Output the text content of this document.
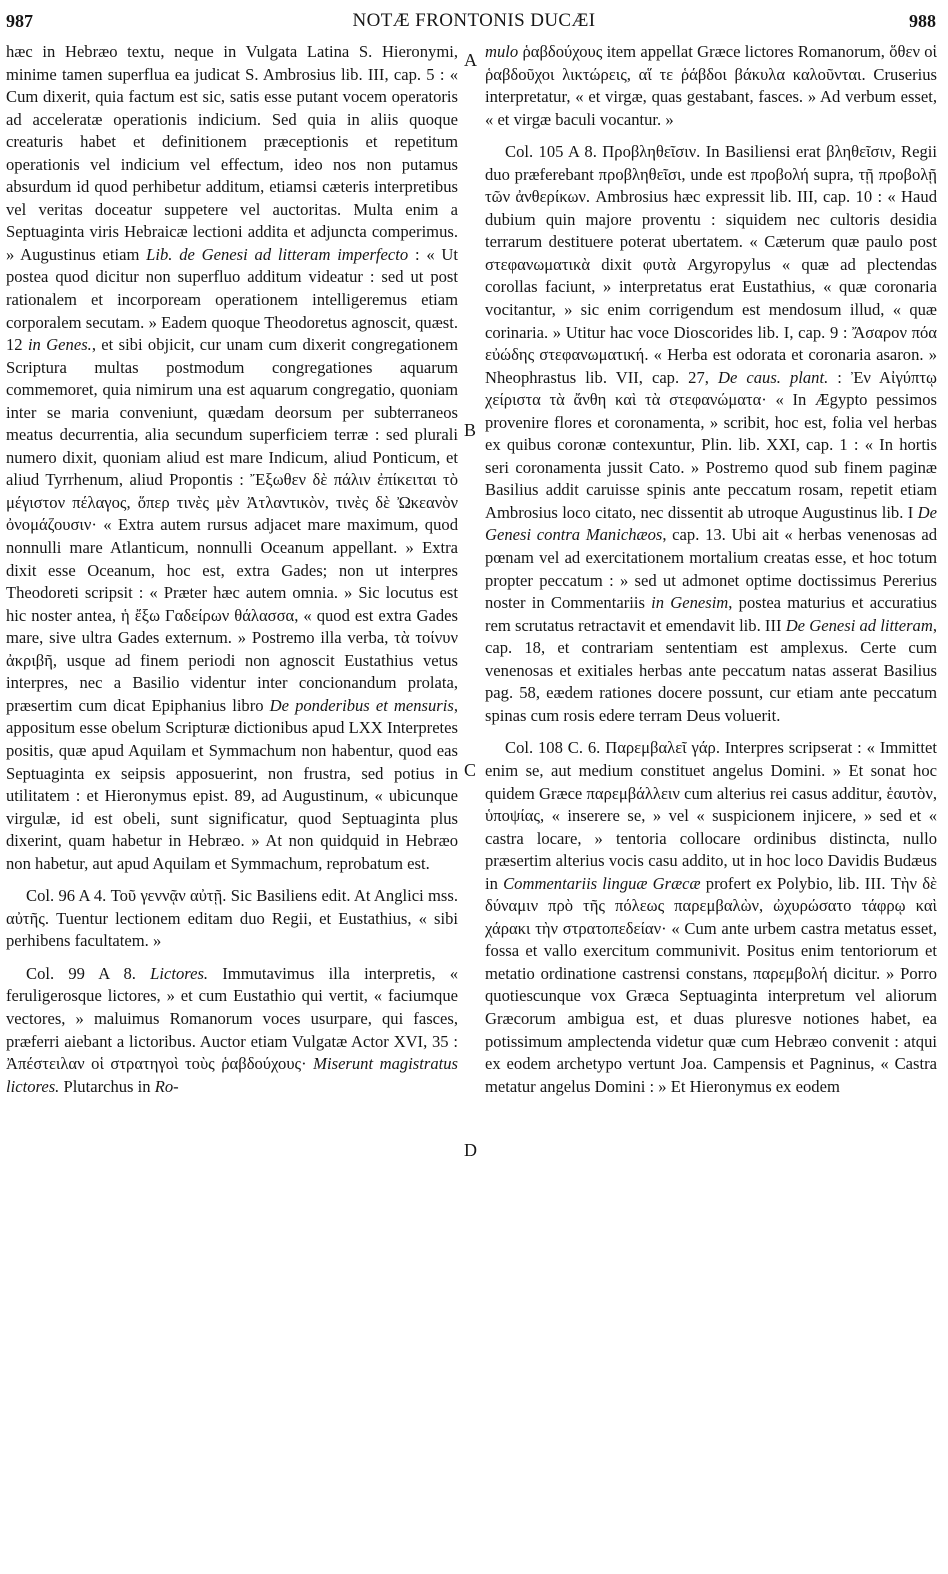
987	NOTÆ FRONTONIS DUCÆI	988

hæc in Hebræo textu, neque in Vulgata Latina S. Hieronymi, minime tamen superflua ea judicat S. Ambrosius lib. III, cap. 5 : « Cum dixerit, quia factum est sic, satis esse putant vocem operatoris ad acceleratæ operationis indicium. Sed quia in aliis quoque creaturis habet et definitionem præceptionis et repetitum operationis vel indicium vel effectum, ideo nos non putamus absurdum id quod perhibetur additum, etiamsi cæteris interpretibus vel veritas doceatur suppetere vel auctoritas. Multa enim a Septuaginta viris Hebraicæ lectioni addita et adjuncta comperimus. » Augustinus etiam Lib. de Genesi ad litteram imperfecto : « Ut postea quod dicitur non superfluo additum videatur : sed ut post rationalem et incorpoream operationem intelligeremus etiam corporalem secutam. » Eadem quoque Theodoretus agnoscit, quæst. 12 in Genes., et sibi objicit, cur unam cum dixerit congregationem Scriptura multas postmodum congregationes aquarum commemoret, quia nimirum una est aquarum congregatio, quoniam inter se maria conveniunt, quædam deorsum per subterraneos meatus decurrentia, alia secundum superficiem terræ : sed plurali numero dixit, quoniam aliud est mare Indicum, aliud Ponticum, et aliud Tyrrhenum, aliud Propontis : Ἔξωθεν δὲ πάλιν ἐπίκειται τὸ μέγιστον πέλαγος, ὅπερ τινὲς μὲν Ἀτλαντικὸν, τινὲς δὲ Ὠκεανὸν ὀνομάζουσιν· « Extra autem rursus adjacet mare maximum, quod nonnulli mare Atlanticum, nonnulli Oceanum appellant. » Extra dixit esse Oceanum, hoc est, extra Gades; non ut interpres Theodoreti scripsit : « Præter hæc autem omnia. » Sic locutus est hic noster antea, ἡ ἔξω Γαδείρων θάλασσα, « quod est extra Gades mare, sive ultra Gades externum. » Postremo illa verba, τὰ τοίνυν ἀκριβῆ, usque ad finem periodi non agnoscit Eustathius vetus interpres, nec a Basilio videntur inter concionandum prolata, præsertim cum dicat Epiphanius libro De ponderibus et mensuris, appositum esse obelum Scripturæ dictionibus apud LXX Interpretes positis, quæ apud Aquilam et Symmachum non habentur, quod eas Septuaginta ex seipsis apposuerint, non frustra, sed potius in utilitatem : et Hieronymus epist. 89, ad Augustinum, « ubicunque virgulæ, id est obeli, sunt significatur, quod Septuaginta plus dixerint, quam habetur in Hebræo. » At non quidquid in Hebræo non habetur, aut apud Aquilam et Symmachum, reprobatum est.

Col. 96 A 4. Τοῦ γεννᾷν αὐτῇ. Sic Basiliens edit. At Anglici mss. αὐτῆς. Tuentur lectionem editam duo Regii, et Eustathius, « sibi perhibens facultatem. »

Col. 99 A 8. Lictores. Immutavimus illa interpretis, « feruligerosque lictores, » et cum Eustathio qui vertit, « faciumque vectores, » maluimus Romanorum voces usurpare, qui fasces, præferri aiebant a lictoribus. Auctor etiam Vulgatæ Actor XVI, 35 : Ἀπέστειλαν οἱ στρατηγοὶ τοὺς ῥαβδούχους· Miserunt magistratus lictores. Plutarchus in Ro-

A
B
C
D

mulo ῥαβδούχους item appellat Græce lictores Romanorum, ὅθεν οἱ ῥαβδοῦχοι λικτώρεις, αἵ τε ῥάβδοι βάκυλα καλοῦνται. Cruserius interpretatur, « et virgæ, quas gestabant, fasces. » Ad verbum esset, « et virgæ baculi vocantur. »

Col. 105 A 8. Προβληθεῖσιν. In Basiliensi erat βληθεῖσιν, Regii duo præferebant προβληθεῖσι, unde est προβολή supra, τῇ προβολῇ τῶν ἀνθερίκων. Ambrosius hæc expressit lib. III, cap. 10 : « Haud dubium quin majore proventu : siquidem nec cultoris desidia terrarum destituere poterat ubertatem. « Cæterum quæ paulo post στεφανωματικὰ dixit φυτὰ Argyropylus « quæ ad plectendas corollas faciunt, » interpretatus erat Eustathius, « quæ coronaria vocitantur, » sic enim corrigendum est mendosum illud, « quæ corinaria. » Utitur hac voce Dioscorides lib. I, cap. 9 : Ἄσαρον πόα εὐώδης στεφανωματική. « Herba est odorata et coronaria asaron. » Nheophrastus lib. VII, cap. 27, De caus. plant. : Ἐν Αἰγύπτῳ χείριστα τὰ ἄνθη καὶ τὰ στεφανώματα· « In Ægypto pessimos provenire flores et coronamenta, » scribit, hoc est, folia vel herbas ex quibus coronæ contexuntur, Plin. lib. XXI, cap. 1 : « In hortis seri coronamenta jussit Cato. » Postremo quod sub finem paginæ Basilius addit caruisse spinis ante peccatum rosam, repetit etiam Ambrosius loco citato, nec dissentit ab utroque Augustinus lib. I De Genesi contra Manichæos, cap. 13. Ubi ait « herbas venenosas ad pœnam vel ad exercitationem mortalium creatas esse, et hoc totum propter peccatum : » sed ut admonet optime doctissimus Pererius noster in Commentariis in Genesim, postea maturius et accuratius rem scrutatus retractavit et emendavit lib. III De Genesi ad litteram, cap. 18, et contrariam sententiam est amplexus. Certe cum venenosas et exitiales herbas ante peccatum natas asserat Basilius pag. 58, eædem rationes docere possunt, cur etiam ante peccatum spinas cum rosis edere terram Deus voluerit.

Col. 108 C. 6. Παρεμβαλεῖ γάρ. Interpres scripserat : « Immittet enim se, aut medium constituet angelus Domini. » Et sonat hoc quidem Græce παρεμβάλλειν cum alterius rei casus additur, ἑαυτὸν, ὑποψίας, « inserere se, » vel « suspicionem injicere, » sed et « castra locare, » tentoria collocare ordinibus distincta, nullo præsertim alterius vocis casu addito, ut in hoc loco Davidis Budæus in Commentariis linguæ Græcæ profert ex Polybio, lib. III. Τὴν δὲ δύναμιν πρὸ τῆς πόλεως παρεμβαλὼν, ὠχυρώσατο τάφρῳ καὶ χάρακι τὴν στρατοπεδείαν· « Cum ante urbem castra metatus esset, fossa et vallo exercitum communivit. Positus enim tentoriorum et metatio ordinatione castrensi constans, παρεμβολή dicitur. » Porro quotiescunque vox Græca Septuaginta interpretum vel aliorum Græcorum ambigua est, et duas pluresve notiones habet, ea potissimum amplectenda videtur quæ cum Hebræo convenit : atqui ex eodem archetypo vertunt Joa. Campensis et Pagninus, « Castra metatur angelus Domini : » Et Hieronymus ex eodem
